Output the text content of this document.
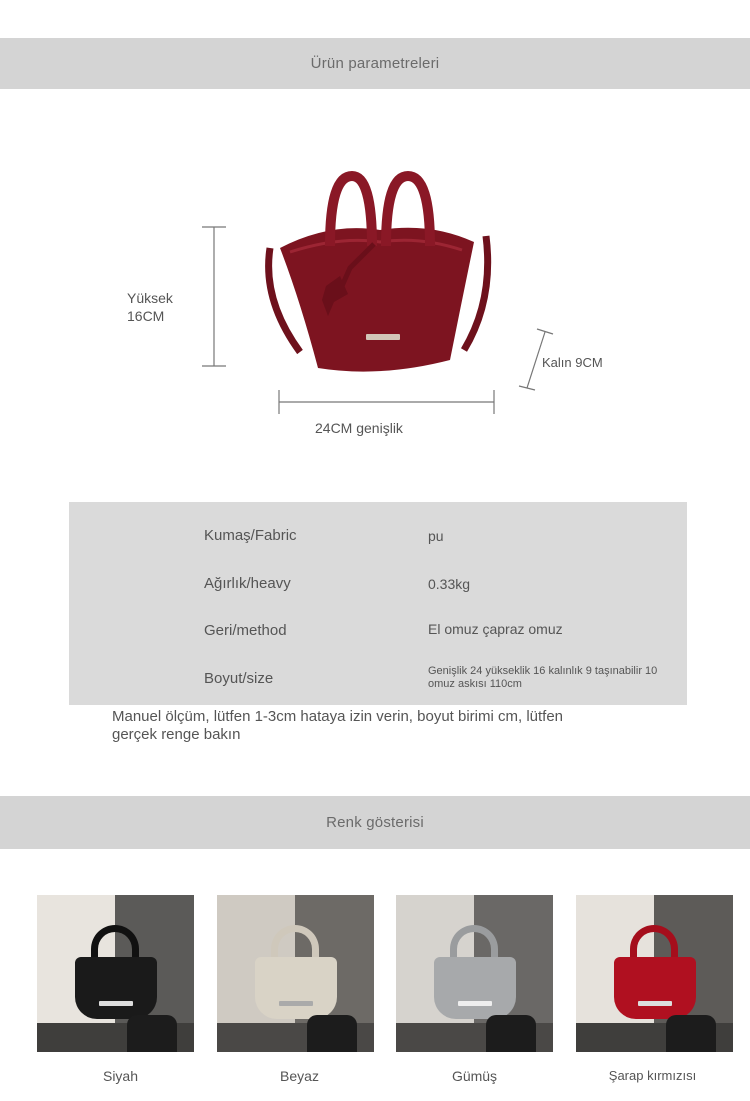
Ürün parametreleri
Yüksek
16CM
24CM genişlik
Kalın 9CM
Kumaş/Fabric	pu
Ağırlık/heavy	0.33kg
Geri/method	El omuz çapraz omuz
Boyut/size	Genişlik 24 yükseklik 16 kalınlık 9 taşınabilir 10 omuz askısı 110cm
Manuel ölçüm, lütfen 1-3cm hataya izin verin, boyut birimi cm, lütfen gerçek renge bakın
Renk gösterisi
Siyah	Beyaz	Gümüş	Şarap kırmızısı
